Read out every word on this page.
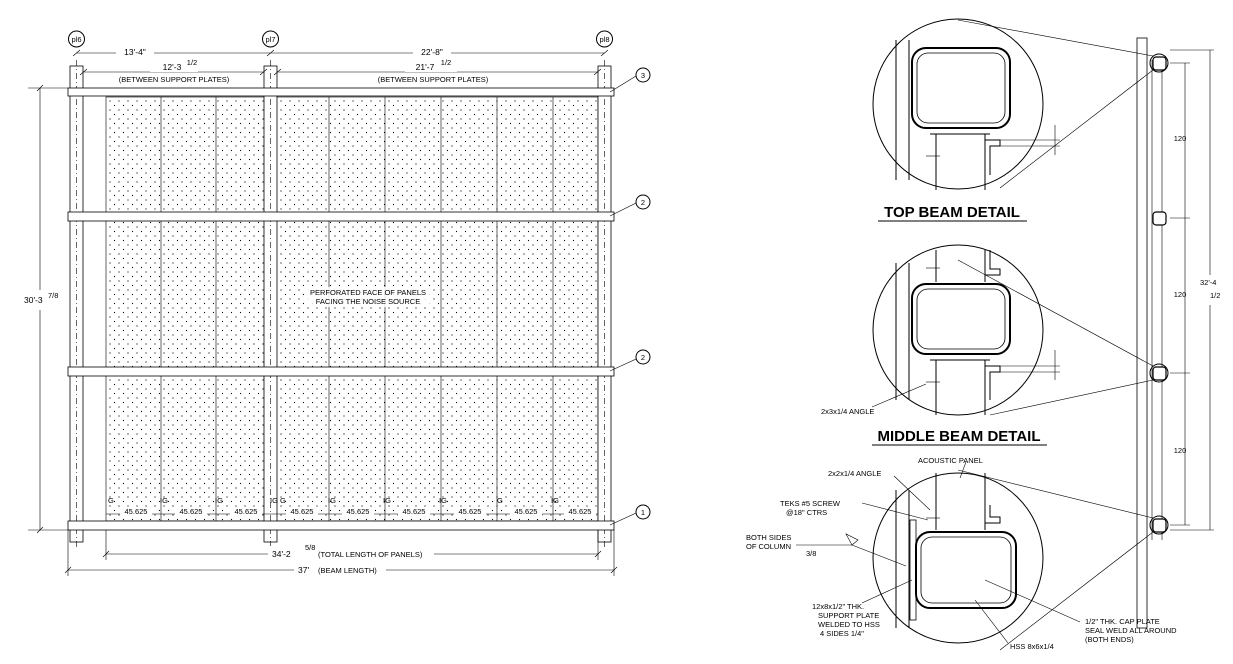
pl6	pl7	pl8
13'-4"	22'-8"
12'-3 1/2
(BETWEEN SUPPORT PLATES)
21'-7 1/2
(BETWEEN SUPPORT PLATES)	3
2
2
1
30'-3 7/8	PERFORATED FACE OF PANELS
FACING THE NOISE SOURCE
G	IG	IG	IG G	IG	IG	IG	G	IG
45.625	45.625	45.625	45.625	45.625	45.625	45.625	45.625	45.625
34'-2
5/8
(TOTAL LENGTH OF PANELS)
37' (BEAM LENGTH)
120
120
120
32'-4
1/2
TOP BEAM DETAIL
2x3x1/4 ANGLE
MIDDLE BEAM DETAIL
ACOUSTIC PANEL
2x2x1/4 ANGLE
TEKS #5 SCREW
@18" CTRS
BOTH SIDES
OF COLUMN
3/8
12x8x1/2" THK.
SUPPORT PLATE
WELDED TO HSS
4 SIDES 1/4"
HSS 8x6x1/4
1/2" THK. CAP PLATE
SEAL WELD ALL AROUND
(BOTH ENDS)
